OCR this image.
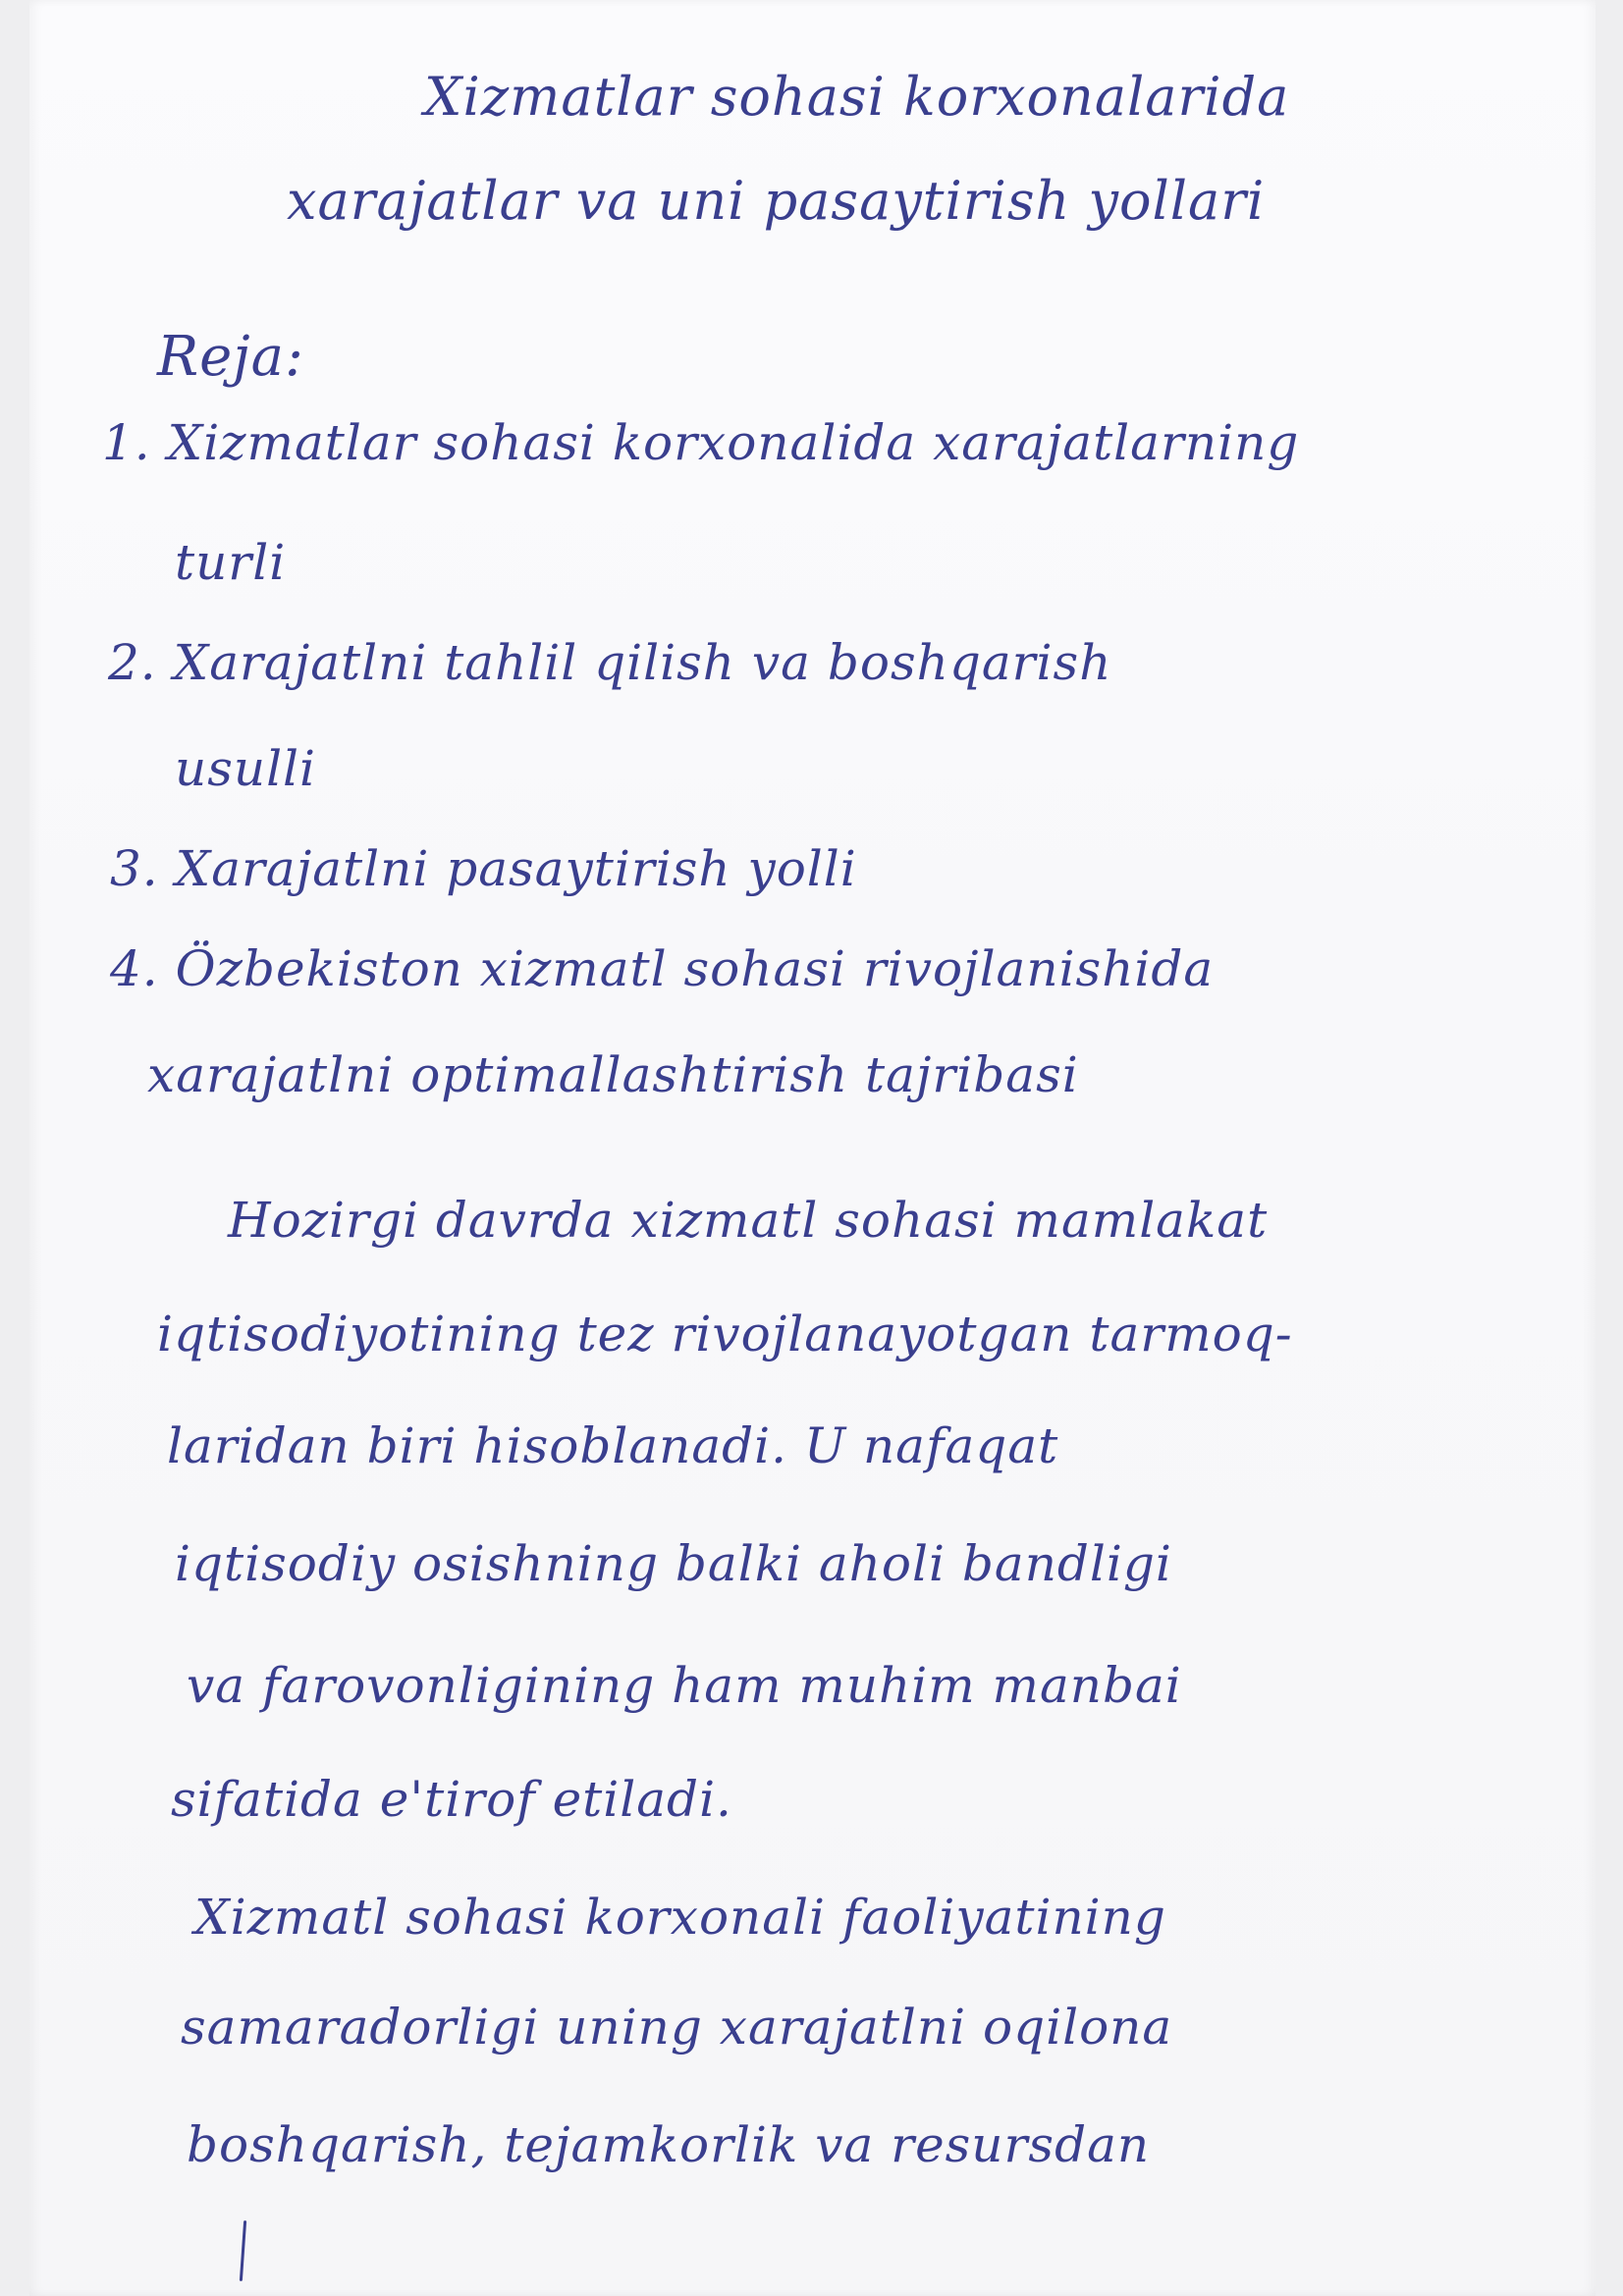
Xizmatlar sohasi korxonalarida

xarajatlar va uni pasaytirish yollari

Reja:

1. Xizmatlar sohasi korxonalida xarajatlarning

turli

2. Xarajatlni tahlil qilish va boshqarish

usulli

3. Xarajatlni pasaytirish yolli

4. Özbekiston xizmatl sohasi rivojlanishida

xarajatlni optimallashtirish tajribasi

Hozirgi davrda xizmatl sohasi mamlakat

iqtisodiyotining tez rivojlanayotgan tarmoq-

laridan biri hisoblanadi. U nafaqat

iqtisodiy osishning balki aholi bandligi

va farovonligining ham muhim manbai

sifatida e'tirof etiladi.

Xizmatl sohasi korxonali faoliyatining

samaradorligi uning xarajatlni oqilona

boshqarish, tejamkorlik va resursdan
